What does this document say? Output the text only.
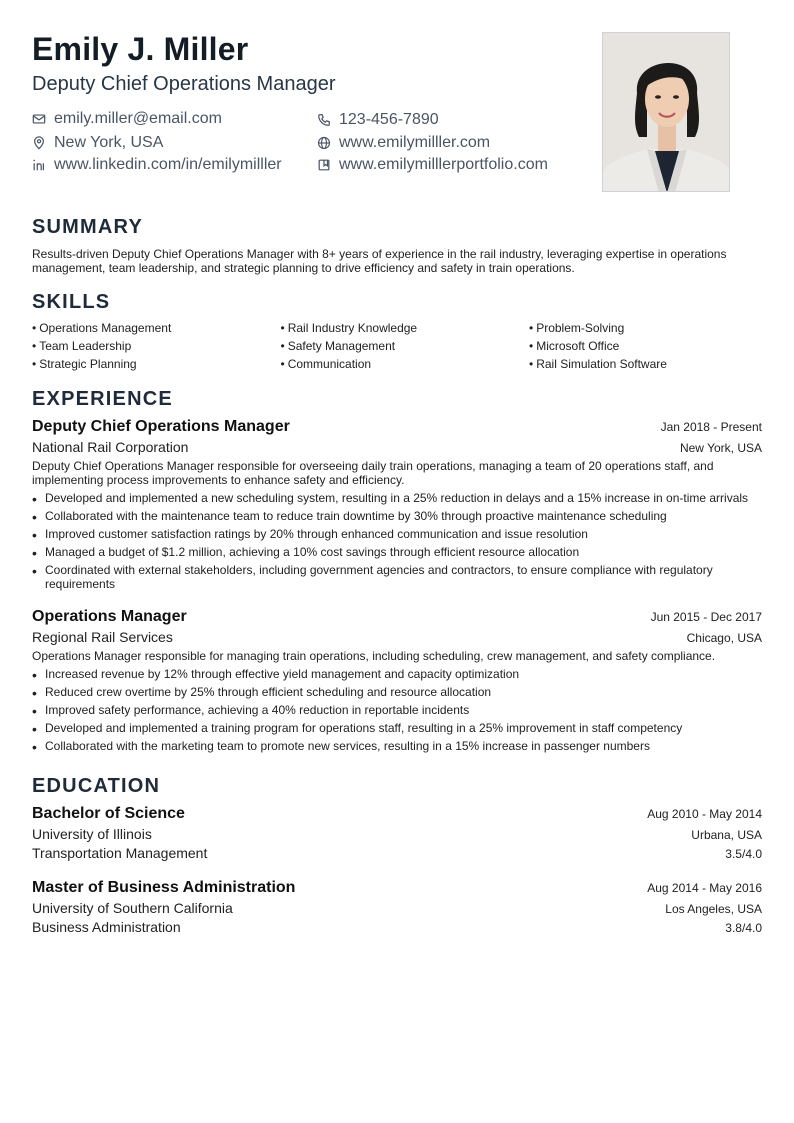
Emily J. Miller
Deputy Chief Operations Manager
emily.miller@email.com	123-456-7890
New York, USA	www.emilymilller.com
www.linkedin.com/in/emilymilller	www.emilymilllerportfolio.com
SUMMARY

Results-driven Deputy Chief Operations Manager with 8+ years of experience in the rail industry, leveraging expertise in operations management, team leadership, and strategic planning to drive efficiency and safety in train operations.

SKILLS
• Operations Management	• Rail Industry Knowledge	• Problem-Solving
• Team Leadership	• Safety Management	• Microsoft Office
• Strategic Planning	• Communication	• Rail Simulation Software
EXPERIENCE
Deputy Chief Operations Manager	Jan 2018 - Present
National Rail Corporation	New York, USA

Deputy Chief Operations Manager responsible for overseeing daily train operations, managing a team of 20 operations staff, and implementing process improvements to enhance safety and efficiency.

• Developed and implemented a new scheduling system, resulting in a 25% reduction in delays and a 15% increase in on-time arrivals
• Collaborated with the maintenance team to reduce train downtime by 30% through proactive maintenance scheduling
• Improved customer satisfaction ratings by 20% through enhanced communication and issue resolution
• Managed a budget of $1.2 million, achieving a 10% cost savings through efficient resource allocation
• Coordinated with external stakeholders, including government agencies and contractors, to ensure compliance with regulatory requirements
Operations Manager	Jun 2015 - Dec 2017
Regional Rail Services	Chicago, USA

Operations Manager responsible for managing train operations, including scheduling, crew management, and safety compliance.

• Increased revenue by 12% through effective yield management and capacity optimization
• Reduced crew overtime by 25% through efficient scheduling and resource allocation
• Improved safety performance, achieving a 40% reduction in reportable incidents
• Developed and implemented a training program for operations staff, resulting in a 25% improvement in staff competency
• Collaborated with the marketing team to promote new services, resulting in a 15% increase in passenger numbers
EDUCATION
Bachelor of Science	Aug 2010 - May 2014
University of Illinois	Urbana, USA
Transportation Management	3.5/4.0
Master of Business Administration	Aug 2014 - May 2016
University of Southern California	Los Angeles, USA
Business Administration	3.8/4.0
